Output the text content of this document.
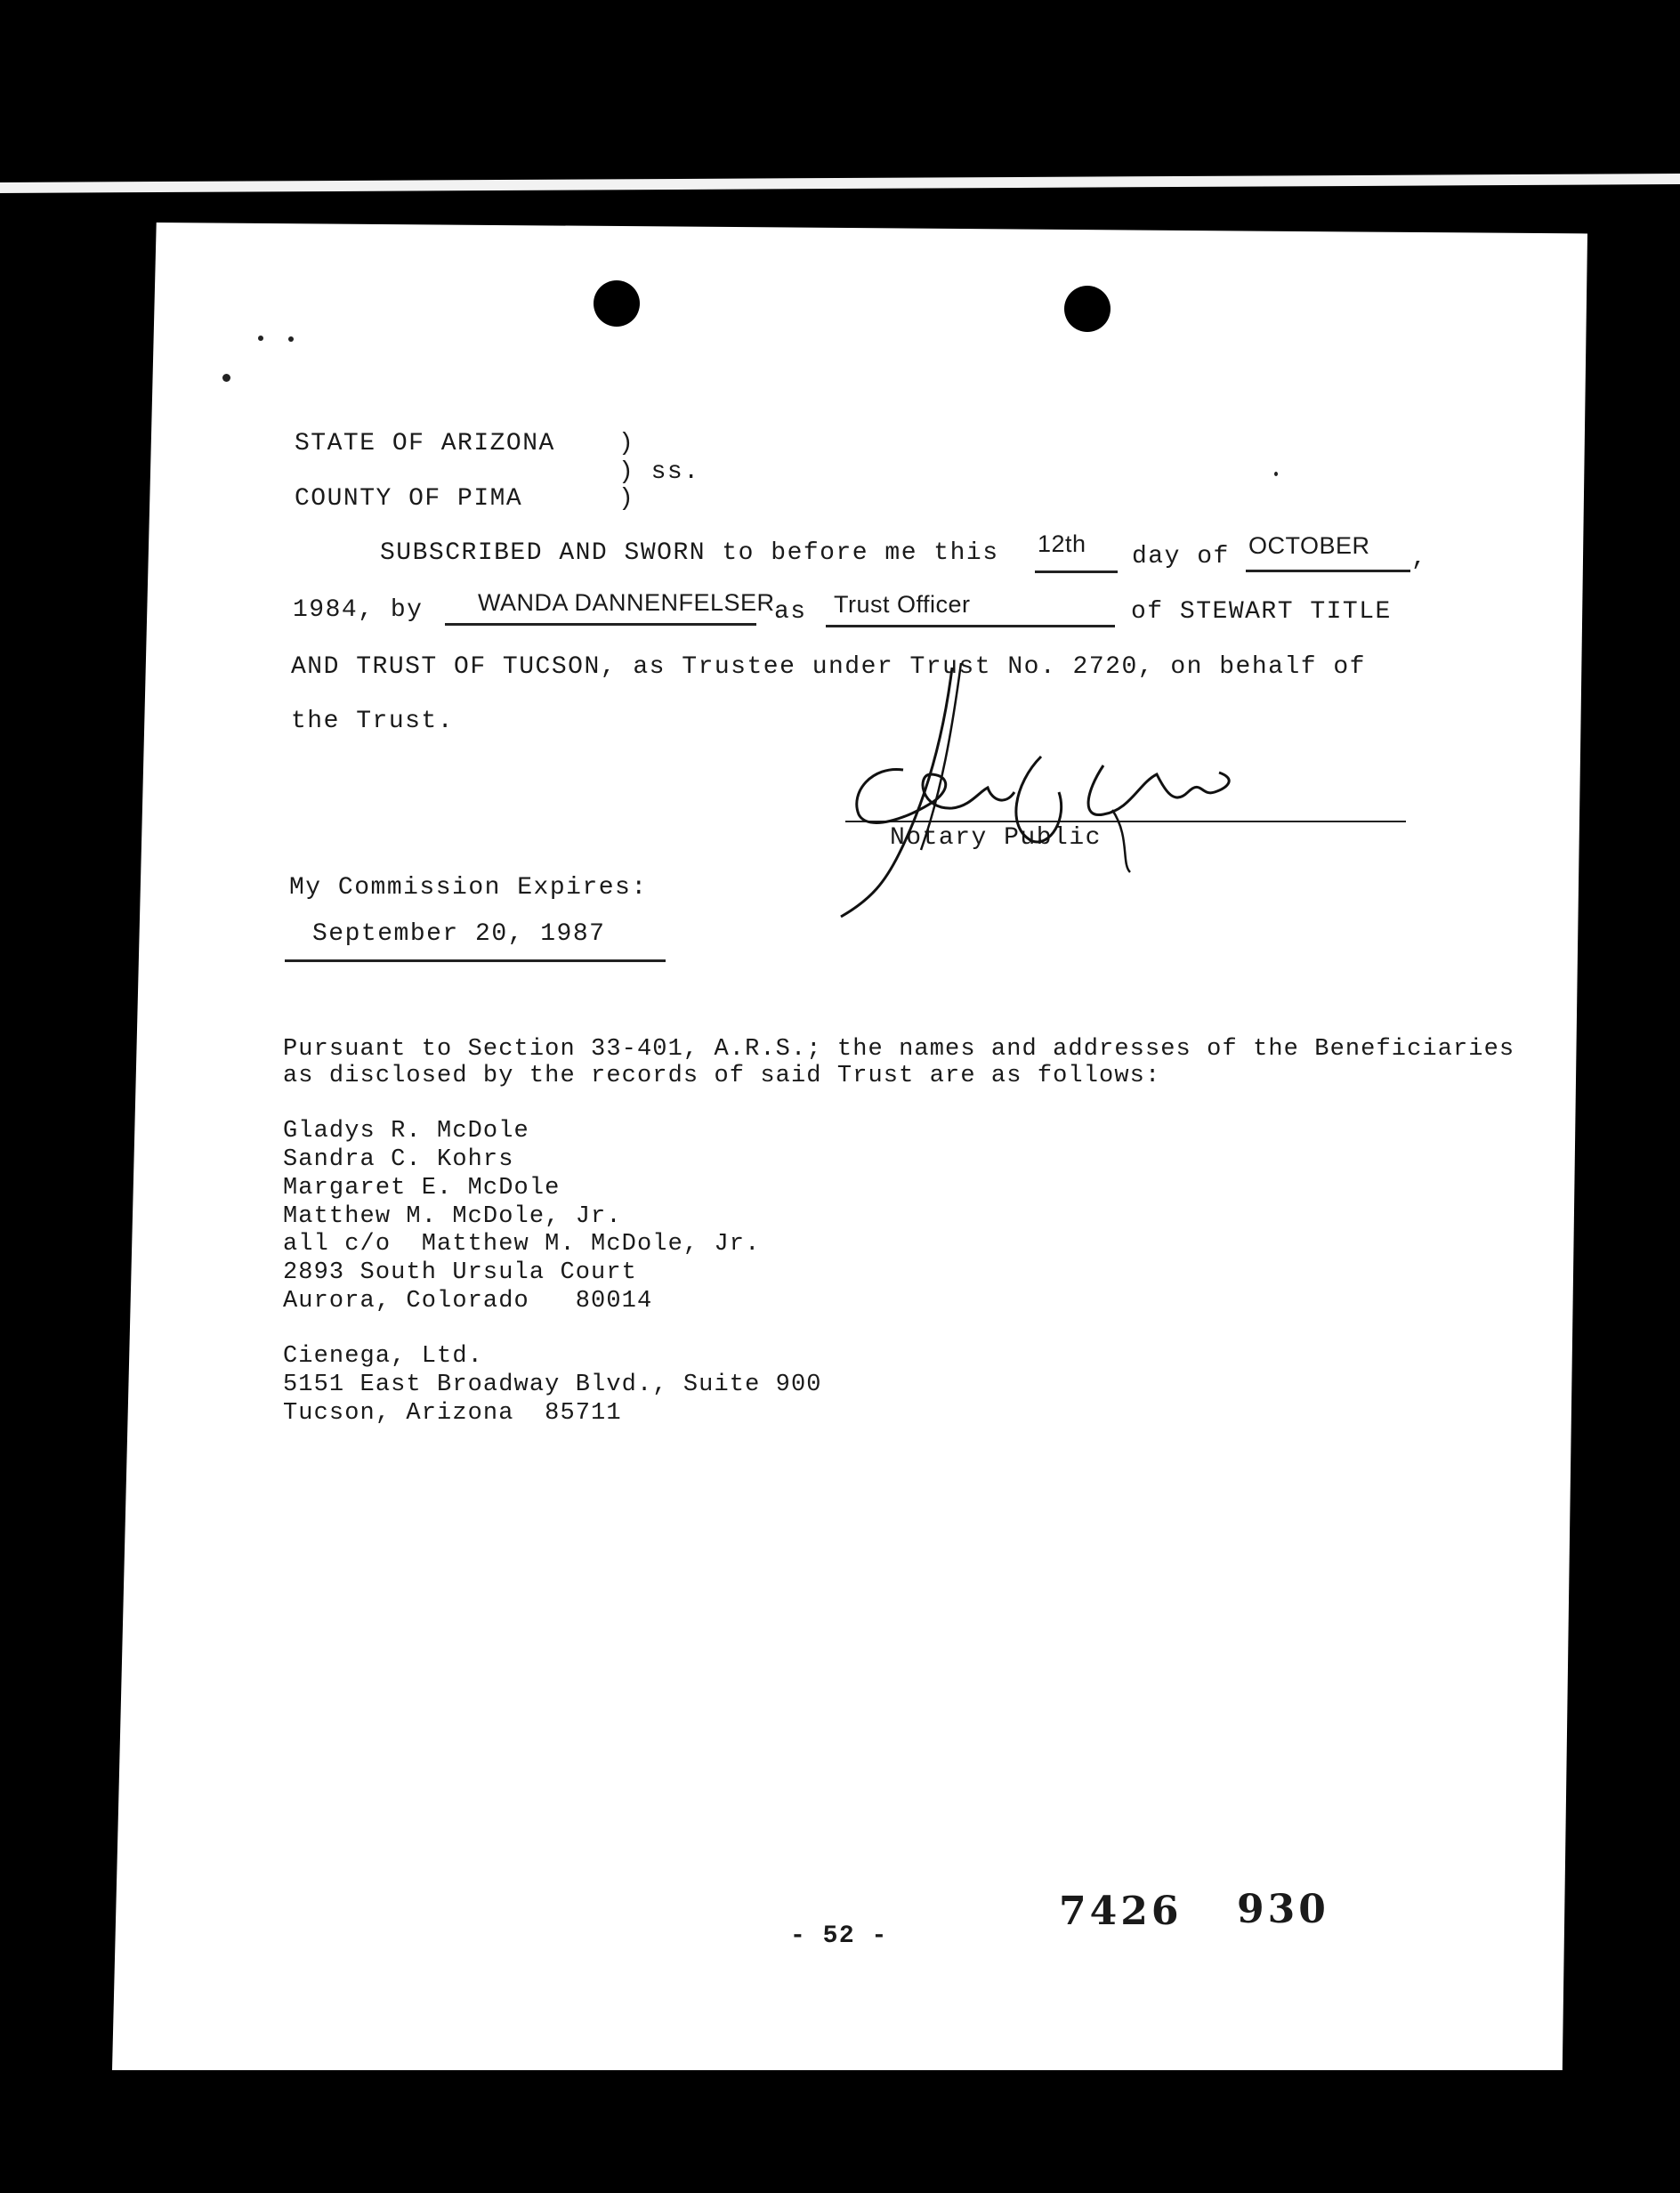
STATE OF ARIZONA	)
) ss.
COUNTY OF PIMA	)
SUBSCRIBED AND SWORN to before me this 12th day of OCTOBER ,
1984, by WANDA DANNENFELSER as Trust Officer	of STEWART TITLE
AND TRUST OF TUCSON, as Trustee under Trust No. 2720, on behalf of
the Trust.
Notary Public
My Commission Expires:
September 20, 1987
Pursuant to Section 33-401, A.R.S.; the names and addresses of the Beneficiaries
as disclosed by the records of said Trust are as follows:
Gladys R. McDole
Sandra C. Kohrs
Margaret E. McDole
Matthew M. McDole, Jr.
all c/o  Matthew M. McDole, Jr.
2893 South Ursula Court
Aurora, Colorado   80014
Cienega, Ltd.
5151 East Broadway Blvd., Suite 900
Tucson, Arizona  85711
- 52 -
7426 930
